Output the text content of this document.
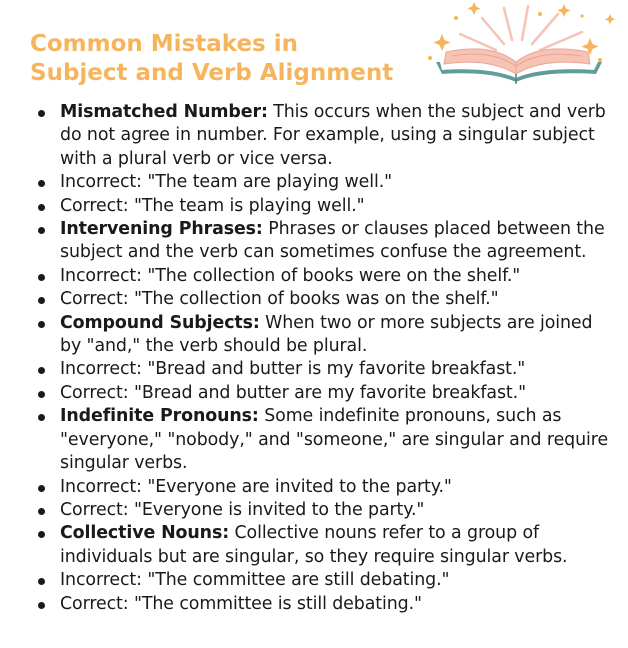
Common Mistakes in
Subject and Verb Alignment
Mismatched Number: This occurs when the subject and verb do not agree in number. For example, using a singular subject with a plural verb or vice versa.
Incorrect: "The team are playing well."
Correct: "The team is playing well."
Intervening Phrases: Phrases or clauses placed between the subject and the verb can sometimes confuse the agreement.
Incorrect: "The collection of books were on the shelf."
Correct: "The collection of books was on the shelf."
Compound Subjects: When two or more subjects are joined by "and," the verb should be plural.
Incorrect: "Bread and butter is my favorite breakfast."
Correct: "Bread and butter are my favorite breakfast."
Indefinite Pronouns: Some indefinite pronouns, such as "everyone," "nobody," and "someone," are singular and require singular verbs.
Incorrect: "Everyone are invited to the party."
Correct: "Everyone is invited to the party."
Collective Nouns: Collective nouns refer to a group of individuals but are singular, so they require singular verbs.
Incorrect: "The committee are still debating."
Correct: "The committee is still debating."
